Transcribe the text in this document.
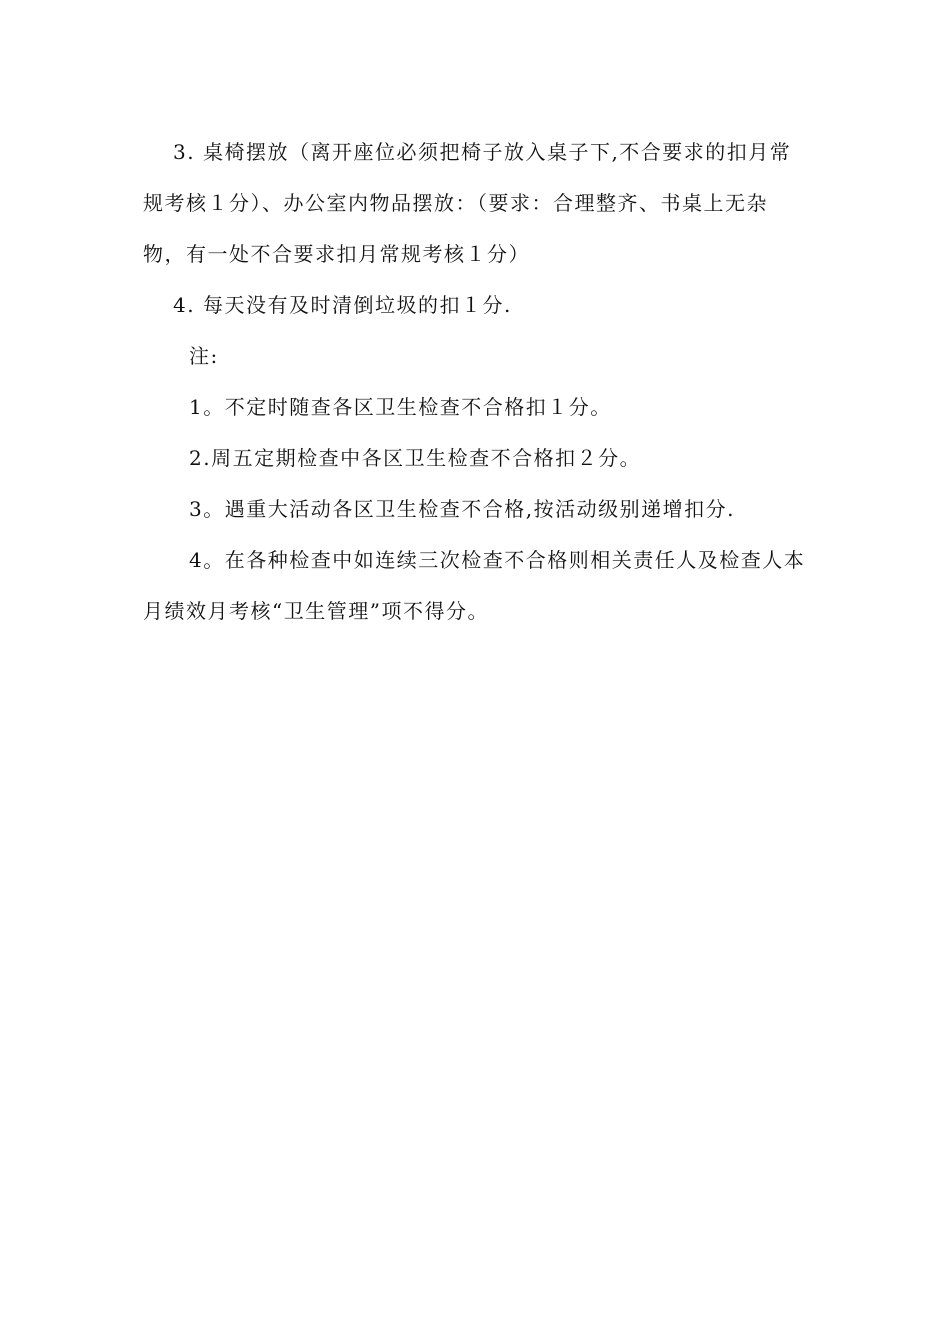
3. 桌椅摆放（离开座位必须把椅子放入桌子下,不合要求的扣月常规考核１分）、办公室内物品摆放：（要求：合理整齐、书桌上无杂物，有一处不合要求扣月常规考核１分）

4. 每天没有及时清倒垃圾的扣１分.

注:

1。不定时随查各区卫生检查不合格扣１分。

2.周五定期检查中各区卫生检查不合格扣２分。

3。遇重大活动各区卫生检查不合格,按活动级别递增扣分.

4。在各种检查中如连续三次检查不合格则相关责任人及检查人本月绩效月考核“卫生管理”项不得分。
